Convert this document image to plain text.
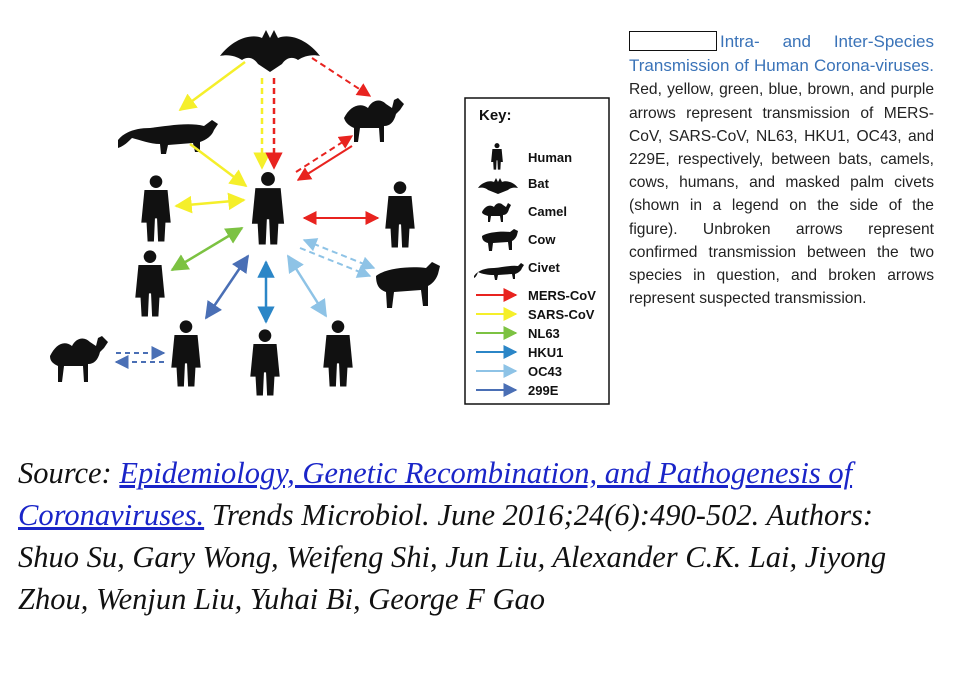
Key:
Human
Bat
Camel
Cow
Civet
MERS-CoV
SARS-CoV
NL63
HKU1
OC43
299E
Intra- and Inter-Species Transmission of Human Corona-viruses. Red, yellow, green, blue, brown, and purple arrows represent transmission of MERS-CoV, SARS-CoV, NL63, HKU1, OC43, and 229E, respectively, between bats, camels, cows, humans, and masked palm civets (shown in a legend on the side of the figure). Unbroken arrows represent confirmed transmission between the two species in question, and broken arrows represent suspected transmission.
Source: Epidemiology, Genetic Recombination, and Pathogenesis of Coronaviruses. Trends Microbiol. June 2016;24(6):490-502. Authors: Shuo Su, Gary Wong, Weifeng Shi, Jun Liu, Alexander C.K. Lai, Jiyong Zhou, Wenjun Liu, Yuhai Bi, George F Gao
